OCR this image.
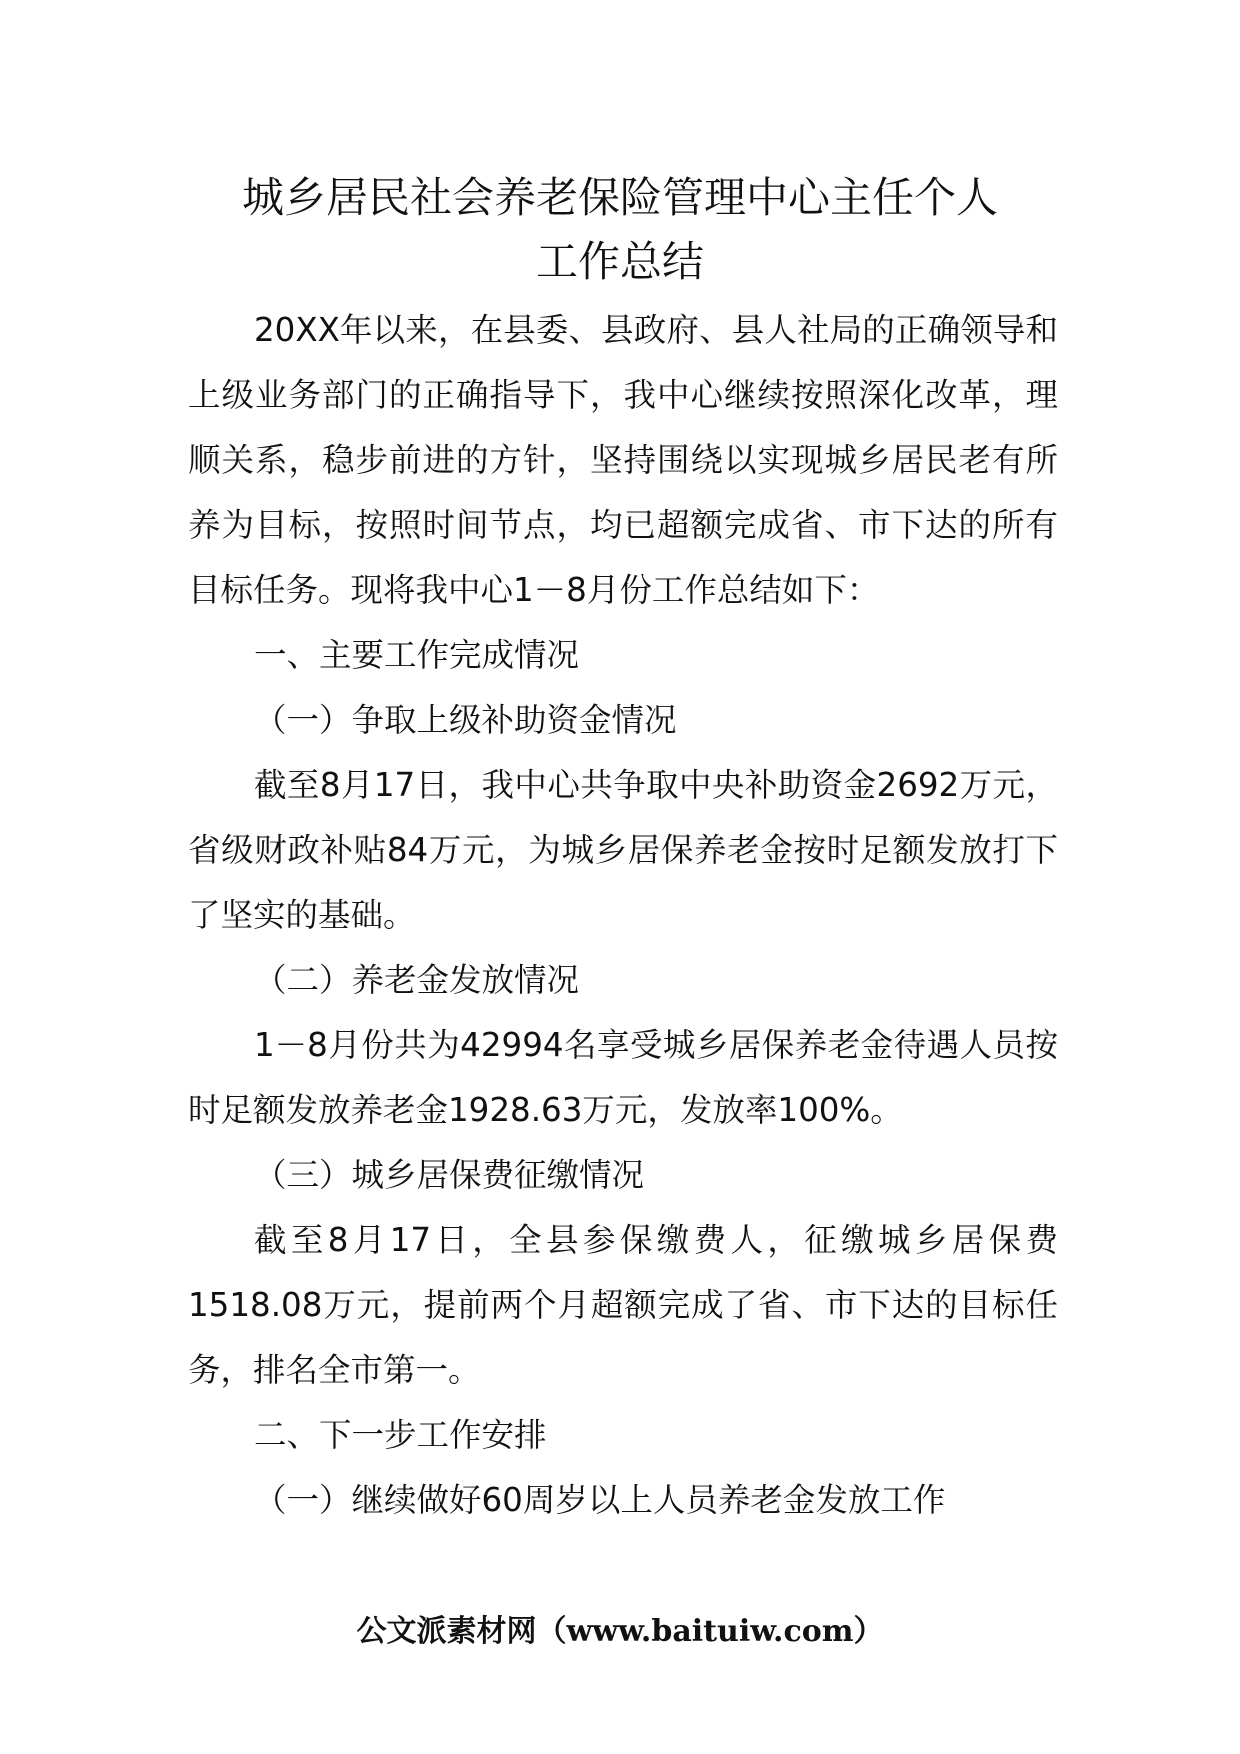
城乡居民社会养老保险管理中心主任个人
工作总结

20XX年以来，在县委、县政府、县人社局的正确领导和上级业务部门的正确指导下，我中心继续按照深化改革，理顺关系，稳步前进的方针，坚持围绕以实现城乡居民老有所养为目标，按照时间节点，均已超额完成省、市下达的所有目标任务。现将我中心1－8月份工作总结如下：

一、主要工作完成情况

（一）争取上级补助资金情况

截至8月17日，我中心共争取中央补助资金2692万元，省级财政补贴84万元，为城乡居保养老金按时足额发放打下了坚实的基础。

（二）养老金发放情况

1－8月份共为42994名享受城乡居保养老金待遇人员按时足额发放养老金1928.63万元，发放率100%。

（三）城乡居保费征缴情况

截至8月17日，全县参保缴费人，征缴城乡居保费1518.08万元，提前两个月超额完成了省、市下达的目标任务，排名全市第一。

二、下一步工作安排

（一）继续做好60周岁以上人员养老金发放工作

公文派素材网（www.baituiw.com）
